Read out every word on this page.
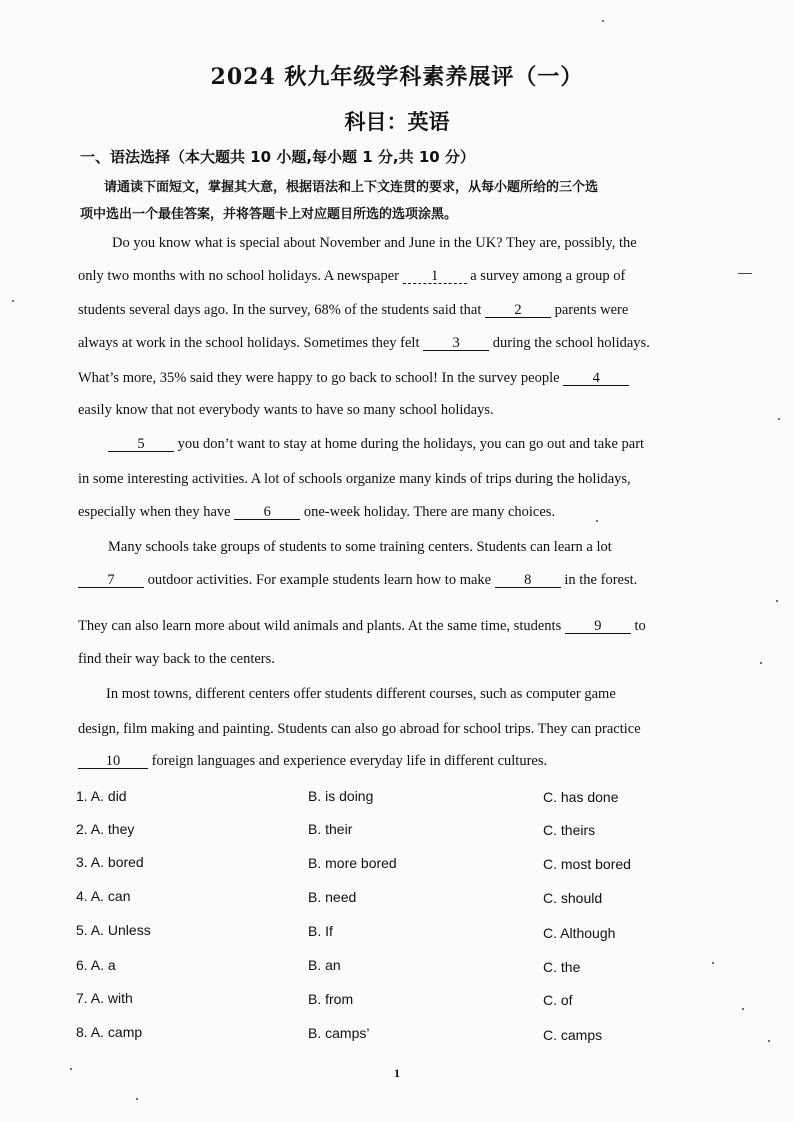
2024 秋九年级学科素养展评（一）
科目：英语
一、语法选择（本大题共 10 小题,每小题 1 分,共 10 分）
请通读下面短文，掌握其大意，根据语法和上下文连贯的要求，从每小题所给的三个选
项中选出一个最佳答案，并将答题卡上对应题目所选的选项涂黑。
Do you know what is special about November and June in the UK? They are, possibly, the
only two months with no school holidays. A newspaper 1 a survey among a group of
students several days ago. In the survey, 68% of the students said that 2 parents were
always at work in the school holidays. Sometimes they felt 3 during the school holidays.
What’s more, 35% said they were happy to go back to school! In the survey people 4
easily know that not everybody wants to have so many school holidays.
5 you don’t want to stay at home during the holidays, you can go out and take part
in some interesting activities. A lot of schools organize many kinds of trips during the holidays,
especially when they have 6 one-week holiday. There are many choices.
Many schools take groups of students to some training centers. Students can learn a lot
7 outdoor activities. For example students learn how to make 8 in the forest.
They can also learn more about wild animals and plants. At the same time, students 9 to
find their way back to the centers.
In most towns, different centers offer students different courses, such as computer game
design, film making and painting. Students can also go abroad for school trips. They can practice
10 foreign languages and experience everyday life in different cultures.
1. A. did	B. is doing	C. has done
2. A. they	B. their	C. theirs
3. A. bored	B. more bored	C. most bored
4. A. can	B. need	C. should
5. A. Unless	B. If	C. Although
6. A. a	B. an	C. the
7. A. with	B. from	C. of
8. A. camp	B. camps’	C. camps
1
